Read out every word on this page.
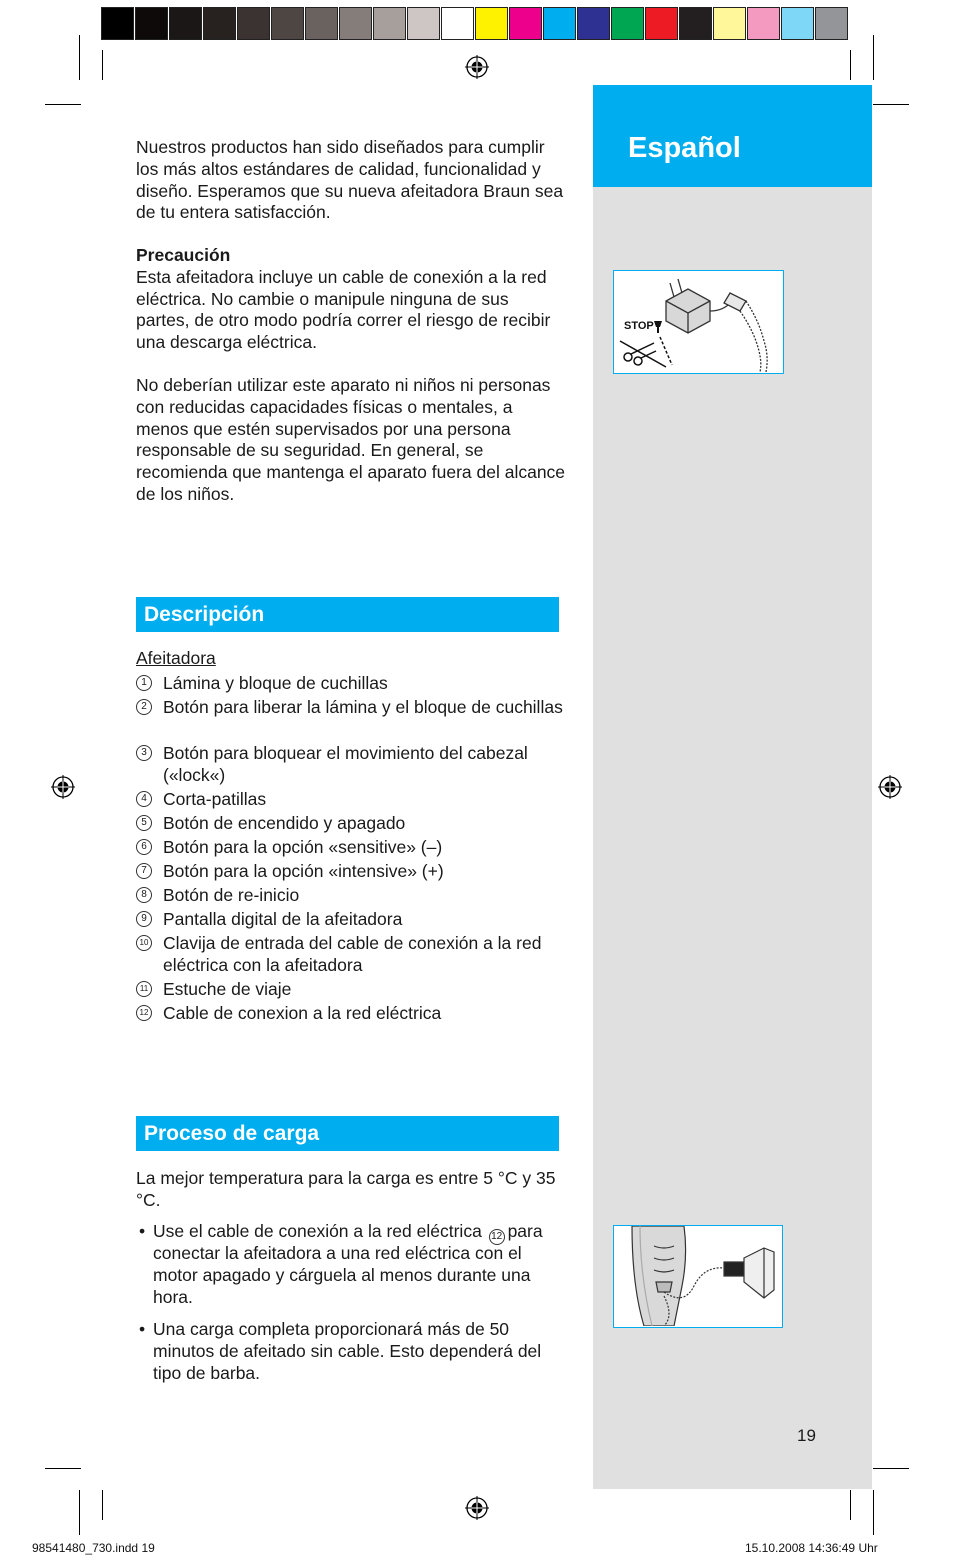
Español

Nuestros productos han sido diseñados para cumplir los más altos estándares de calidad, funcionalidad y diseño. Esperamos que su nueva afeitadora Braun sea de tu entera satisfacción.

Precaución

Esta afeitadora incluye un cable de conexión a la red eléctrica. No cambie o manipule ninguna de sus partes, de otro modo podría correr el riesgo de recibir una descarga eléctrica.

No deberían utilizar este aparato ni niños ni personas con reducidas capacidades físicas o mentales, a menos que estén supervisados por una persona responsable de su seguridad. En general, se recomienda que mantenga el aparato fuera del alcance de los niños.

STOP
Descripción
Afeitadora
1 Lámina y bloque de cuchillas
2 Botón para liberar la lámina y el bloque de cuchillas
3 Botón para bloquear el movimiento del cabezal («lock«)
4 Corta-patillas
5 Botón de encendido y apagado
6 Botón para la opción «sensitive» (–)
7 Botón para la opción «intensive» (+)
8 Botón de re-inicio
9 Pantalla digital de la afeitadora
10 Clavija de entrada del cable de conexión a la red eléctrica con la afeitadora
11 Estuche de viaje
12 Cable de conexion a la red eléctrica
Proceso de carga
La mejor temperatura para la carga es entre 5 °C y 35 °C.
• Use el cable de conexión a la red eléctrica 12 para conectar la afeitadora a una red eléctrica con el motor apagado y cárguela al menos durante una hora.
• Una carga completa proporcionará más de 50 minutos de afeitado sin cable. Esto dependerá del tipo de barba.
19
98541480_730.indd 19	15.10.2008 14:36:49 Uhr
